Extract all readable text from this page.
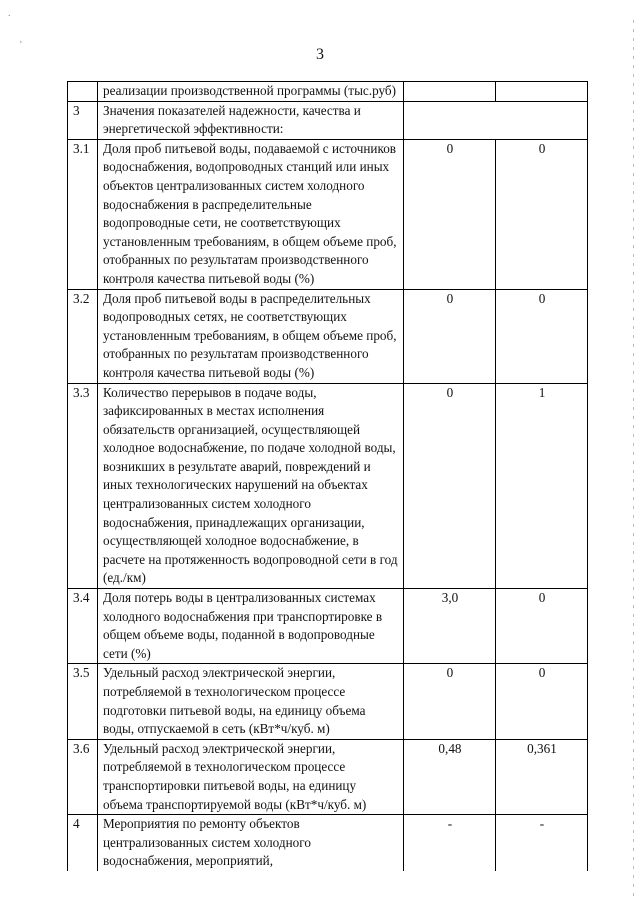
.
'
3
	реализации производственной программы (тыс.руб)		
3	Значения показателей надежности, качества и энергетической эффективности:		
3.1	Доля проб питьевой воды, подаваемой с источников водоснабжения, водопроводных станций или иных объектов централизованных систем холодного водоснабжения в распределительные водопроводные сети, не соответствующих установленным требованиям, в общем объеме проб, отобранных по результатам производственного контроля качества питьевой воды (%)	0	0
3.2	Доля проб питьевой воды в распределительных водопроводных сетях, не соответствующих установленным требованиям, в общем объеме проб, отобранных по результатам производственного контроля качества питьевой воды (%)	0	0
3.3	Количество перерывов в подаче воды, зафиксированных в местах исполнения обязательств организацией, осуществляющей холодное водоснабжение, по подаче холодной воды, возникших в результате аварий, повреждений и иных технологических нарушений на объектах централизованных систем холодного водоснабжения, принадлежащих организации, осуществляющей холодное водоснабжение, в расчете на протяженность водопроводной сети в год (ед./км)	0	1
3.4	Доля потерь воды в централизованных системах холодного водоснабжения при транспортировке в общем объеме воды, поданной в водопроводные сети (%)	3,0	0
3.5	Удельный расход электрической энергии, потребляемой в технологическом процессе подготовки питьевой воды, на единицу объема воды, отпускаемой в сеть (кВт*ч/куб. м)	0	0
3.6	Удельный расход электрической энергии, потребляемой в технологическом процессе транспортировки питьевой воды, на единицу объема транспортируемой воды (кВт*ч/куб. м)	0,48	0,361
4	Мероприятия по ремонту объектов централизованных систем холодного водоснабжения, мероприятий,	-	-
